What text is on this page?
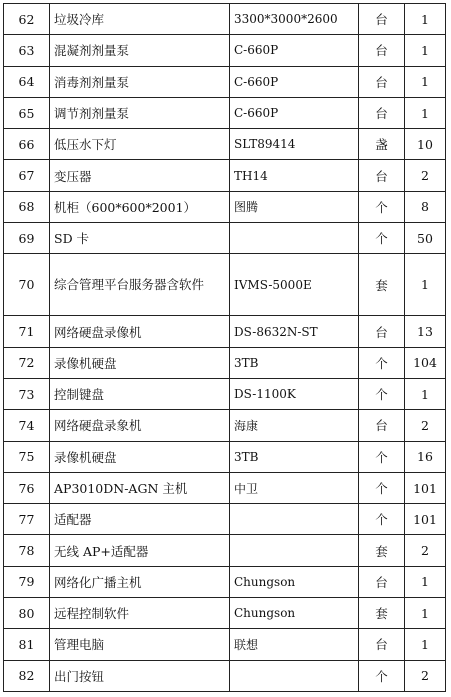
62	垃圾冷库	3300*3000*2600	台	1
63	混凝剂剂量泵	C-660P	台	1
64	消毒剂剂量泵	C-660P	台	1
65	调节剂剂量泵	C-660P	台	1
66	低压水下灯	SLT89414	盏	10
67	变压器	TH14	台	2
68	机柜（600*600*2001）	图腾	个	8
69	SD 卡		个	50
70	综合管理平台服务器含软件	IVMS-5000E	套	1
71	网络硬盘录像机	DS-8632N-ST	台	13
72	录像机硬盘	3TB	个	104
73	控制键盘	DS-1100K	个	1
74	网络硬盘录象机	海康	台	2
75	录像机硬盘	3TB	个	16
76	AP3010DN-AGN 主机	中卫	个	101
77	适配器		个	101
78	无线 AP+适配器		套	2
79	网络化广播主机	Chungson	台	1
80	远程控制软件	Chungson	套	1
81	管理电脑	联想	台	1
82	出门按钮		个	2
